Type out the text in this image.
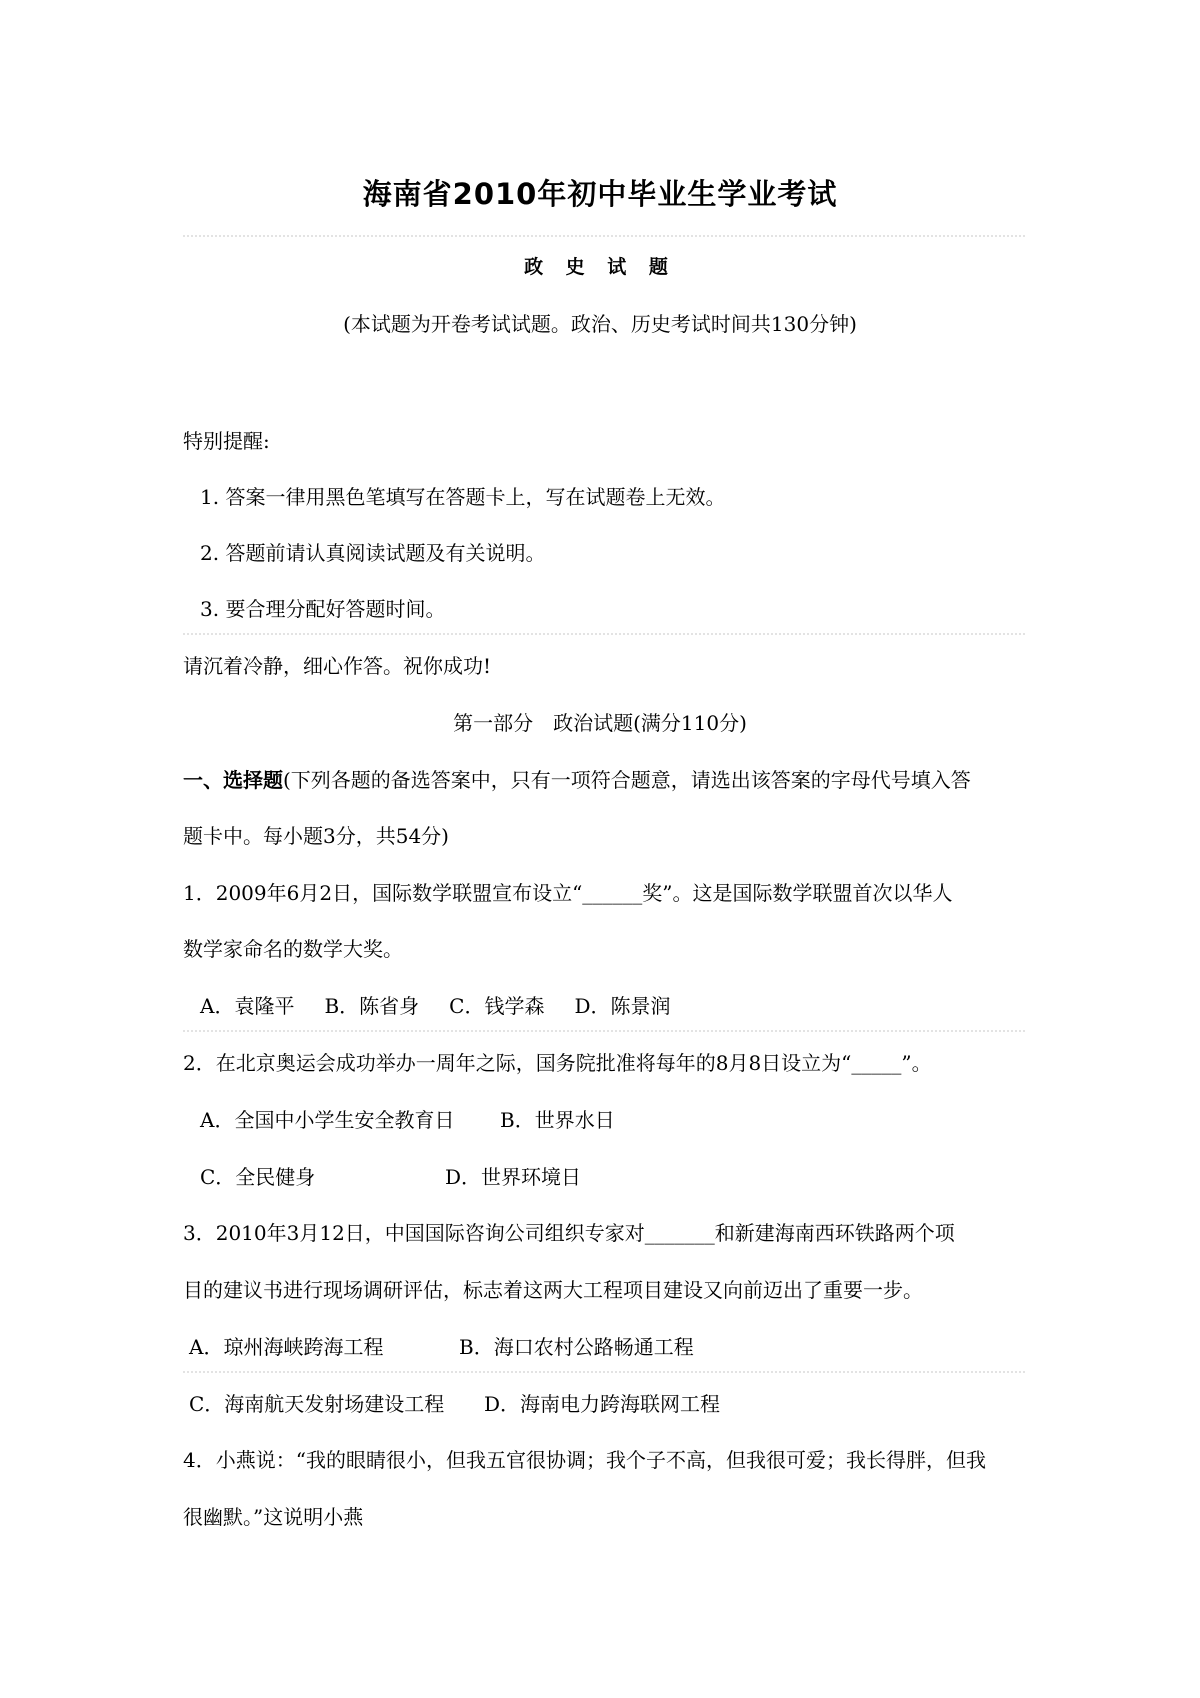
海南省2010年初中毕业生学业考试
政 史 试 题
(本试题为开卷考试试题。政治、历史考试时间共130分钟)
特别提醒:
1. 答案一律用黑色笔填写在答题卡上，写在试题卷上无效。
2. 答题前请认真阅读试题及有关说明。
3. 要合理分配好答题时间。
请沉着冷静，细心作答。祝你成功!
第一部分　政治试题(满分110分)
一、选择题(下列各题的备选答案中，只有一项符合题意，请选出该答案的字母代号填入答
题卡中。每小题3分，共54分)
1．2009年6月2日，国际数学联盟宣布设立“______奖”。这是国际数学联盟首次以华人
数学家命名的数学大奖。
A．袁隆平 B．陈省身 C．钱学森 D．陈景润
2．在北京奥运会成功举办一周年之际，国务院批准将每年的8月8日设立为“_____”。
A．全国中小学生安全教育日 B．世界水日
C．全民健身	D．世界环境日
3．2010年3月12日，中国国际咨询公司组织专家对_______和新建海南西环铁路两个项
目的建议书进行现场调研评估，标志着这两大工程项目建设又向前迈出了重要一步。
A．琼州海峡跨海工程	B．海口农村公路畅通工程
C．海南航天发射场建设工程 D．海南电力跨海联网工程
4．小燕说：“我的眼睛很小，但我五官很协调；我个子不高，但我很可爱；我长得胖，但我
很幽默。”这说明小燕
